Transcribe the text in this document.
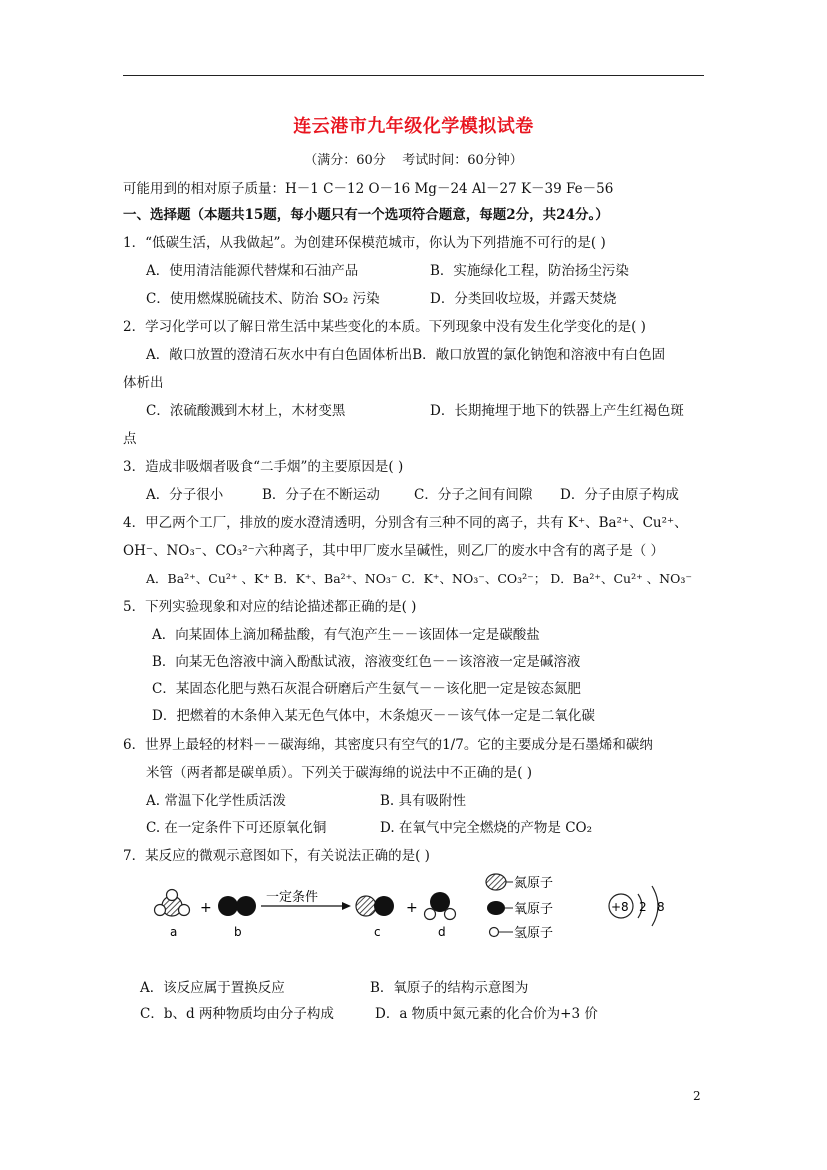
连云港市九年级化学模拟试卷
（满分：60分    考试时间：60分钟）
可能用到的相对原子质量：H－1 C－12 O－16 Mg－24 Al－27 K－39 Fe－56
一、选择题（本题共15题，每小题只有一个选项符合题意，每题2分，共24分。）
1．“低碳生活，从我做起”。为创建环保模范城市，你认为下列措施不可行的是( )
A．使用清洁能源代替煤和石油产品	B．实施绿化工程，防治扬尘污染
C．使用燃煤脱硫技术、防治 SO₂ 污染	D．分类回收垃圾，并露天焚烧
2．学习化学可以了解日常生活中某些变化的本质。下列现象中没有发生化学变化的是( )
A．敞口放置的澄清石灰水中有白色固体析出B．敞口放置的氯化钠饱和溶液中有白色固
体析出
C．浓硫酸溅到木材上，木材变黑	D．长期掩埋于地下的铁器上产生红褐色斑
点
3．造成非吸烟者吸食“二手烟”的主要原因是( )
A．分子很小	B．分子在不断运动	C．分子之间有间隙 D．分子由原子构成
4．甲乙两个工厂，排放的废水澄清透明，分别含有三种不同的离子，共有 K⁺、Ba²⁺、Cu²⁺、
OH⁻、NO₃⁻、CO₃²⁻六种离子，其中甲厂废水呈碱性，则乙厂的废水中含有的离子是（ ）
A．Ba²⁺、Cu²⁺ 、K⁺ B．K⁺、Ba²⁺、NO₃⁻ C．K⁺、NO₃⁻、CO₃²⁻； D．Ba²⁺、Cu²⁺ 、NO₃⁻
5．下列实验现象和对应的结论描述都正确的是( )
A．向某固体上滴加稀盐酸，有气泡产生－－该固体一定是碳酸盐
B．向某无色溶液中滴入酚酞试液，溶液变红色－－该溶液一定是碱溶液
C．某固态化肥与熟石灰混合研磨后产生氨气－－该化肥一定是铵态氮肥
D．把燃着的木条伸入某无色气体中，木条熄灭－－该气体一定是二氧化碳
6．世界上最轻的材料－－碳海绵，其密度只有空气的1/7。它的主要成分是石墨烯和碳纳
米管（两者都是碳单质）。下列关于碳海绵的说法中不正确的是( )
A. 常温下化学性质活泼	B. 具有吸附性
C. 在一定条件下可还原氧化铜	D. 在氧气中完全燃烧的产物是 CO₂
7．某反应的微观示意图如下，有关说法正确的是( )
a
+
b
一定条件
c
+
d
氮原子
氧原子
氢原子
+8 2 8
A．该反应属于置换反应	B．氧原子的结构示意图为
C．b、d 两种物质均由分子构成	D．a 物质中氮元素的化合价为+3 价
2
